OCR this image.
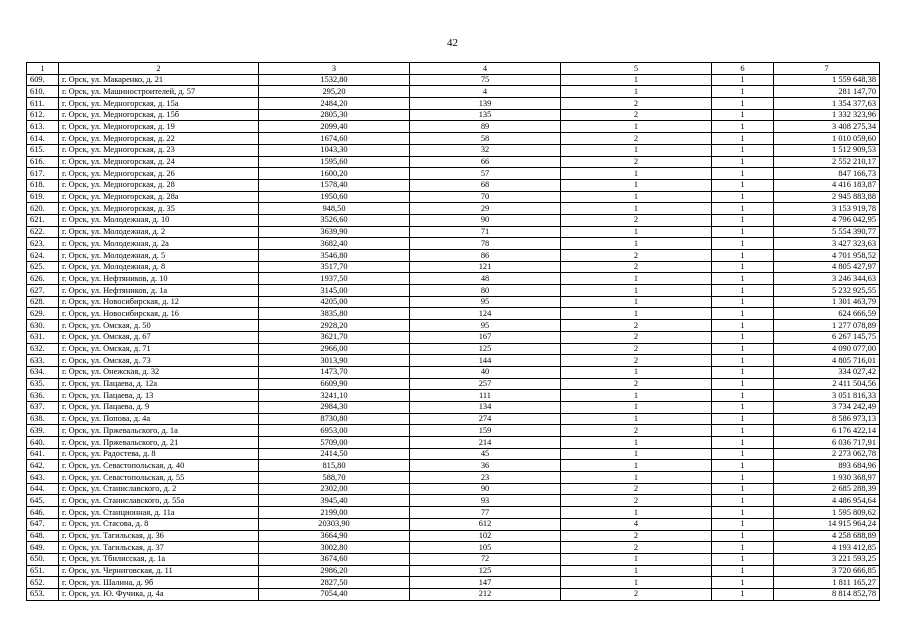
42
1	2	3	4	5	6	7
609.	г. Орск, ул. Макаренко, д. 21	1532,80	75	1	1	1 559 648,38
610.	г. Орск, ул. Машиностроителей, д. 57	295,20	4	1	1	281 147,70
611.	г. Орск, ул. Медногорская, д. 15а	2484,20	139	2	1	1 354 377,63
612.	г. Орск, ул. Медногорская, д. 15б	2805,30	135	2	1	1 332 323,96
613.	г. Орск, ул. Медногорская, д. 19	2099,40	89	1	1	3 408 275,34
614.	г. Орск, ул. Медногорская, д. 22	1674,60	58	2	1	1 010 059,60
615.	г. Орск, ул. Медногорская, д. 23	1043,30	32	1	1	1 512 909,53
616.	г. Орск, ул. Медногорская, д. 24	1595,60	66	2	1	2 552 210,17
617.	г. Орск, ул. Медногорская, д. 26	1600,20	57	1	1	847 166,73
618.	г. Орск, ул. Медногорская, д. 28	1578,40	68	1	1	4 416 183,87
619.	г. Орск, ул. Медногорская, д. 28а	1950,60	70	1	1	2 945 883,88
620.	г. Орск, ул. Медногорская, д. 35	948,50	29	1	1	3 153 919,78
621.	г. Орск, ул. Молодежная, д. 10	3526,60	90	2	1	4 796 042,95
622.	г. Орск, ул. Молодежная, д. 2	3639,90	71	1	1	5 554 390,77
623.	г. Орск, ул. Молодежная, д. 2а	3682,40	78	1	1	3 427 323,63
624.	г. Орск, ул. Молодежная, д. 5	3546,80	86	2	1	4 701 958,52
625.	г. Орск, ул. Молодежная, д. 8	3517,70	121	2	1	4 805 427,97
626.	г. Орск, ул. Нефтяников, д. 10	1937,50	48	1	1	3 246 344,63
627.	г. Орск, ул. Нефтяников, д. 1а	3145,00	80	1	1	5 232 925,55
628.	г. Орск, ул. Новосибирская, д. 12	4205,00	95	1	1	1 301 463,79
629.	г. Орск, ул. Новосибирская, д. 16	3835,80	124	1	1	624 666,59
630.	г. Орск, ул. Омская, д. 50	2928,20	95	2	1	1 277 078,89
631.	г. Орск, ул. Омская, д. 67	3621,70	167	2	1	6 267 145,75
632.	г. Орск, ул. Омская, д. 71	2966,00	125	2	1	4 090 077,00
633.	г. Орск, ул. Омская, д. 73	3013,90	144	2	1	4 805 716,01
634.	г. Орск, ул. Онежская, д. 32	1473,70	40	1	1	334 027,42
635.	г. Орск, ул. Пацаева, д. 12а	6609,90	257	2	1	2 411 504,56
636.	г. Орск, ул. Пацаева, д. 13	3241,10	111	1	1	3 051 816,33
637.	г. Орск, ул. Пацаева, д. 9	2984,30	134	1	1	3 734 242,49
638.	г. Орск, ул. Попова, д. 4а	8730,80	274	1	1	8 586 973,13
639.	г. Орск, ул. Пржевальского, д. 1а	6953,00	159	2	1	6 176 422,14
640.	г. Орск, ул. Пржевальского, д. 21	5709,00	214	1	1	6 036 717,91
641.	г. Орск, ул. Радостева, д. 8	2414,50	45	1	1	2 273 062,78
642.	г. Орск, ул. Севастопольская, д. 40	815,80	36	1	1	893 684,96
643.	г. Орск, ул. Севастопольская, д. 55	588,70	23	1	1	1 930 368,97
644.	г. Орск, ул. Станиславского, д. 2	2302,00	90	2	1	2 685 288,39
645.	г. Орск, ул. Станиславского, д. 55а	3945,40	93	2	1	4 486 954,64
646.	г. Орск, ул. Станционная, д. 11а	2199,00	77	1	1	1 595 809,62
647.	г. Орск, ул. Стасова, д. 8	20303,90	612	4	1	14 915 964,24
648.	г. Орск, ул. Тагильская, д. 36	3664,90	102	2	1	4 258 688,89
649.	г. Орск, ул. Тагильская, д. 37	3002,80	105	2	1	4 193 412,85
650.	г. Орск, ул. Тбилисская, д. 1а	3674,60	72	1	1	3 221 593,25
651.	г. Орск, ул. Черниговская, д. 11	2986,20	125	1	1	3 720 666,85
652.	г. Орск, ул. Шалина, д. 9б	2827,50	147	1	1	1 811 165,27
653.	г. Орск, ул. Ю. Фучика, д. 4а	7054,40	212	2	1	8 814 852,78
